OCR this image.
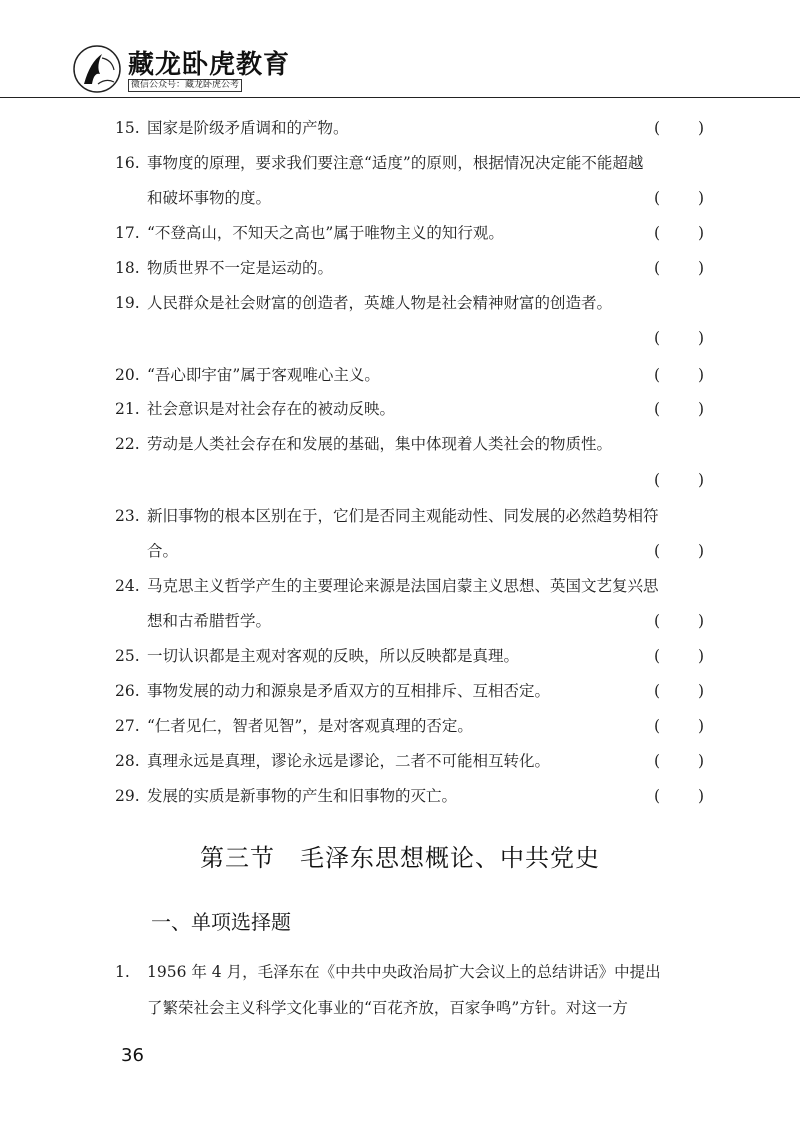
藏龙卧虎教育
微信公众号：藏龙卧虎公考
15. 国家是阶级矛盾调和的产物。	( )
16. 事物度的原理，要求我们要注意“适度”的原则，根据情况决定能不能超越
和破坏事物的度。	( )
17. “不登高山，不知天之高也”属于唯物主义的知行观。	( )
18. 物质世界不一定是运动的。	( )
19. 人民群众是社会财富的创造者，英雄人物是社会精神财富的创造者。
( )
20. “吾心即宇宙”属于客观唯心主义。	( )
21. 社会意识是对社会存在的被动反映。	( )
22. 劳动是人类社会存在和发展的基础，集中体现着人类社会的物质性。
( )
23. 新旧事物的根本区别在于，它们是否同主观能动性、同发展的必然趋势相符
合。	( )
24. 马克思主义哲学产生的主要理论来源是法国启蒙主义思想、英国文艺复兴思
想和古希腊哲学。	( )
25. 一切认识都是主观对客观的反映，所以反映都是真理。	( )
26. 事物发展的动力和源泉是矛盾双方的互相排斥、互相否定。	( )
27. “仁者见仁，智者见智”，是对客观真理的否定。	( )
28. 真理永远是真理，谬论永远是谬论，二者不可能相互转化。	( )
29. 发展的实质是新事物的产生和旧事物的灭亡。	( )
第三节　毛泽东思想概论、中共党史
一、单项选择题
1. 1956 年 4 月，毛泽东在《中共中央政治局扩大会议上的总结讲话》中提出
了繁荣社会主义科学文化事业的“百花齐放，百家争鸣”方针。对这一方
36
